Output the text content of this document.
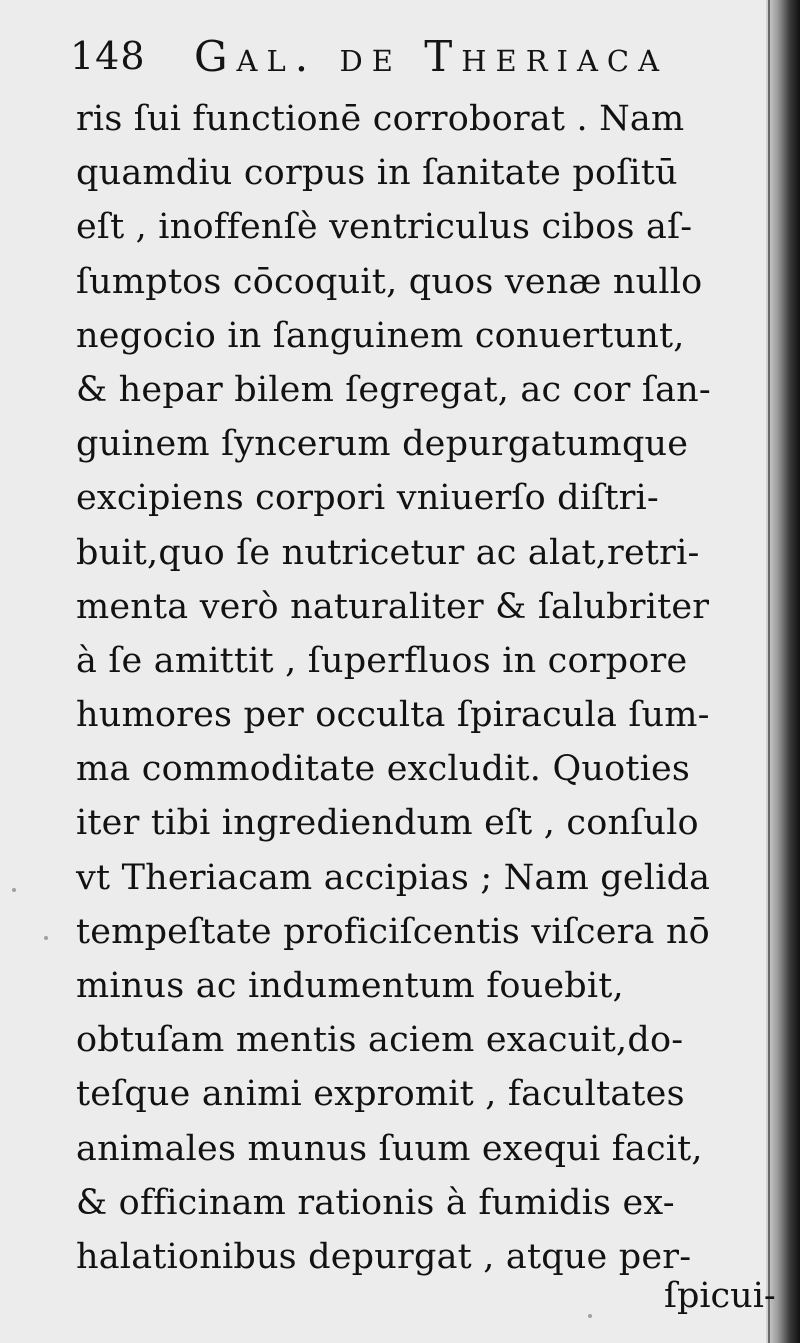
148 Gal. de Theriaca
ris ſui functionē corroborat . Nam
quamdiu corpus in ſanitate poſitū
eſt , inoffenſè ventriculus cibos aſ-
ſumptos cōcoquit, quos venæ nullo
negocio in ſanguinem conuertunt,
& hepar bilem ſegregat, ac cor ſan-
guinem ſyncerum depurgatumque
excipiens corpori vniuerſo diſtri-
buit,quo ſe nutricetur ac alat,retri-
menta verò naturaliter & ſalubriter
à ſe amittit , ſuperfluos in corpore
humores per occulta ſpiracula ſum-
ma commoditate excludit. Quoties
iter tibi ingrediendum eſt , conſulo
vt Theriacam accipias ; Nam gelida
tempeſtate proficiſcentis viſcera nō
minus ac indumentum fouebit,
obtuſam mentis aciem exacuit,do-
teſque animi expromit , facultates
animales munus ſuum exequi facit,
& officinam rationis à fumidis ex-
halationibus depurgat , atque per-
ſpicui-
